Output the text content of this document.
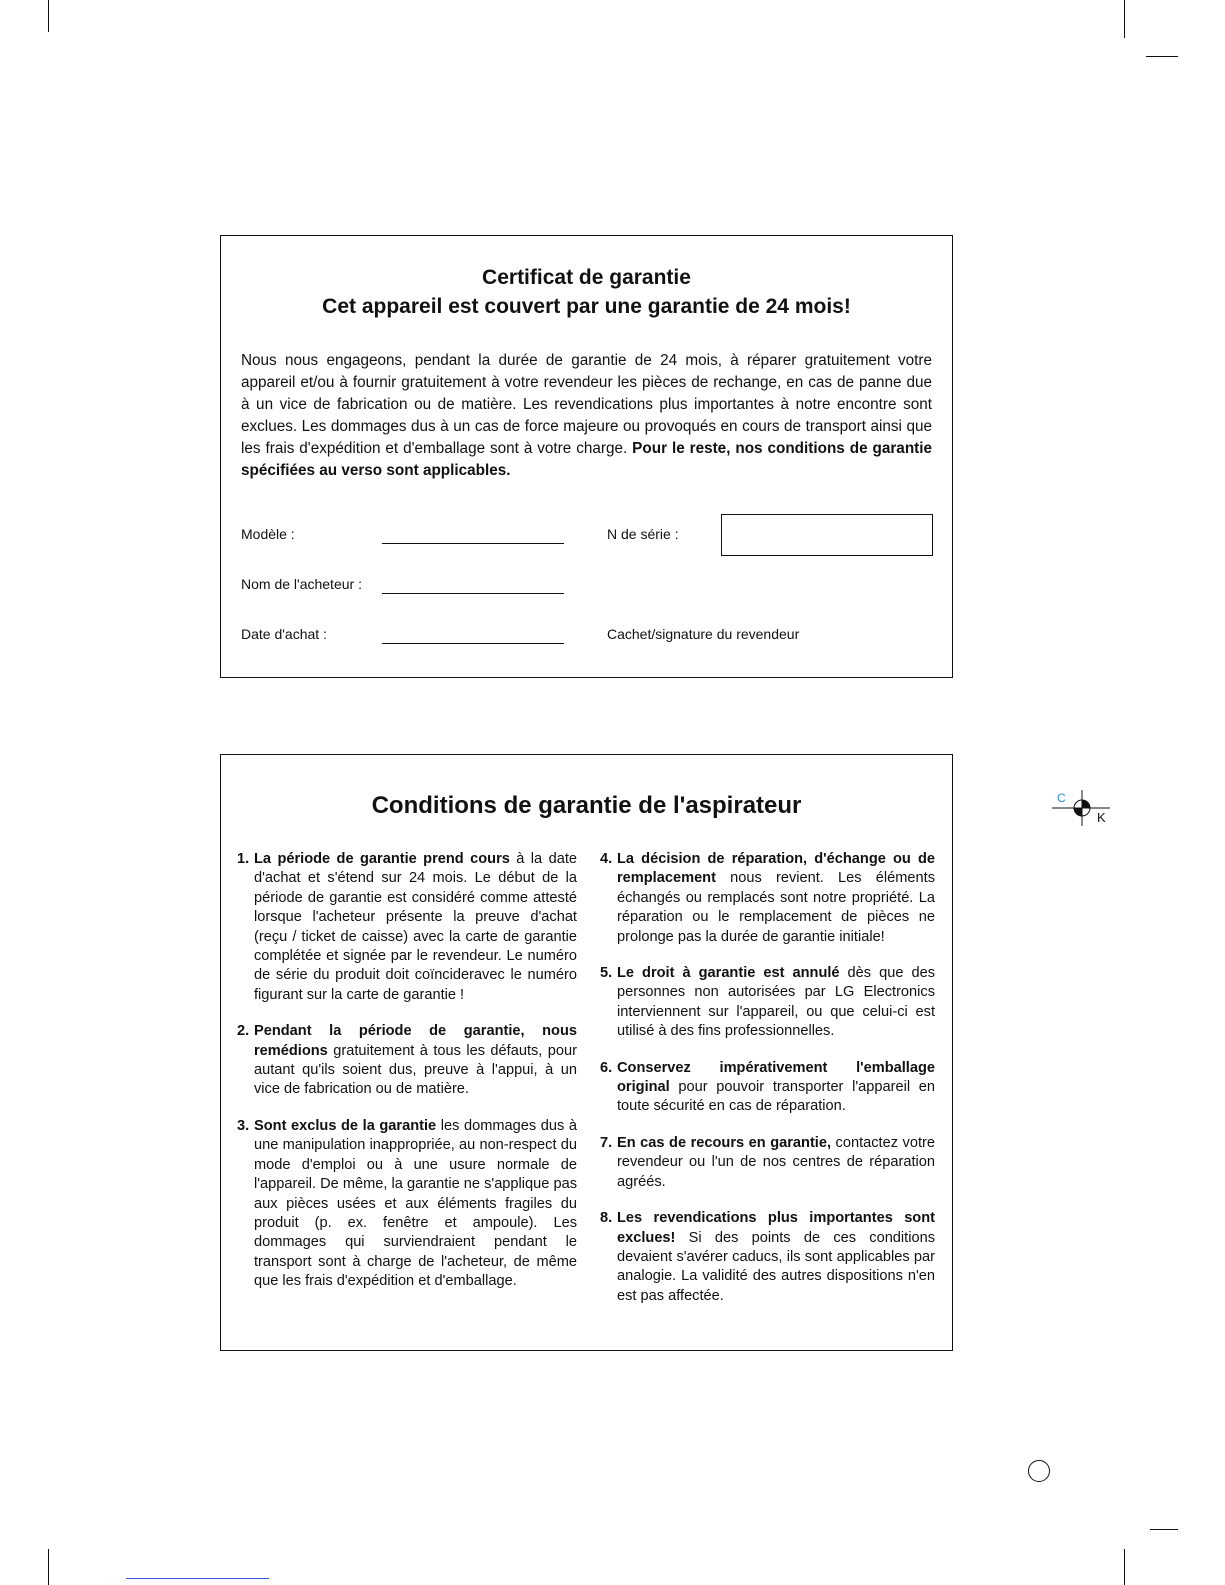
Certificat de garantie
Cet appareil est couvert par une garantie de 24 mois!

Nous nous engageons, pendant la durée de garantie de 24 mois, à réparer gratuitement votre appareil et/ou à fournir gratuitement à votre revendeur les pièces de rechange, en cas de panne due à un vice de fabrication ou de matière. Les revendications plus importantes à notre encontre sont exclues. Les dommages dus à un cas de force majeure ou provoqués en cours de transport ainsi que les frais d'expédition et d'emballage sont à votre charge. Pour le reste, nos conditions de garantie spécifiées au verso sont applicables.

Modèle :	N de série :
Nom de l'acheteur :
Date d'achat :	Cachet/signature du revendeur
Conditions de garantie de l'aspirateur
1. La période de garantie prend cours à la date d'achat et s'étend sur 24 mois. Le début de la période de garantie est considéré comme attesté lorsque l'acheteur présente la preuve d'achat (reçu / ticket de caisse) avec la carte de garantie complétée et signée par le revendeur. Le numéro de série du produit doit coïncideravec le numéro figurant sur la carte de garantie !
2. Pendant la période de garantie, nous remédions gratuitement à tous les défauts, pour autant qu'ils soient dus, preuve à l'appui, à un vice de fabrication ou de matière.
3. Sont exclus de la garantie les dommages dus à une manipulation inappropriée, au non-respect du mode d'emploi ou à une usure normale de l'appareil. De même, la garantie ne s'applique pas aux pièces usées et aux éléments fragiles du produit (p. ex. fenêtre et ampoule). Les dommages qui surviendraient pendant le transport sont à charge de l'acheteur, de même que les frais d'expédition et d'emballage.
4. La décision de réparation, d'échange ou de remplacement nous revient. Les éléments échangés ou remplacés sont notre propriété. La réparation ou le remplacement de pièces ne prolonge pas la durée de garantie initiale!
5. Le droit à garantie est annulé dès que des personnes non autorisées par LG Electronics interviennent sur l'appareil, ou que celui-ci est utilisé à des fins professionnelles.
6. Conservez impérativement l'emballage original pour pouvoir transporter l'appareil en toute sécurité en cas de réparation.
7. En cas de recours en garantie, contactez votre revendeur ou l'un de nos centres de réparation agréés.
8. Les revendications plus importantes sont exclues! Si des points de ces conditions devaient s'avérer caducs, ils sont applicables par analogie. La validité des autres dispositions n'en est pas affectée.
C
K
